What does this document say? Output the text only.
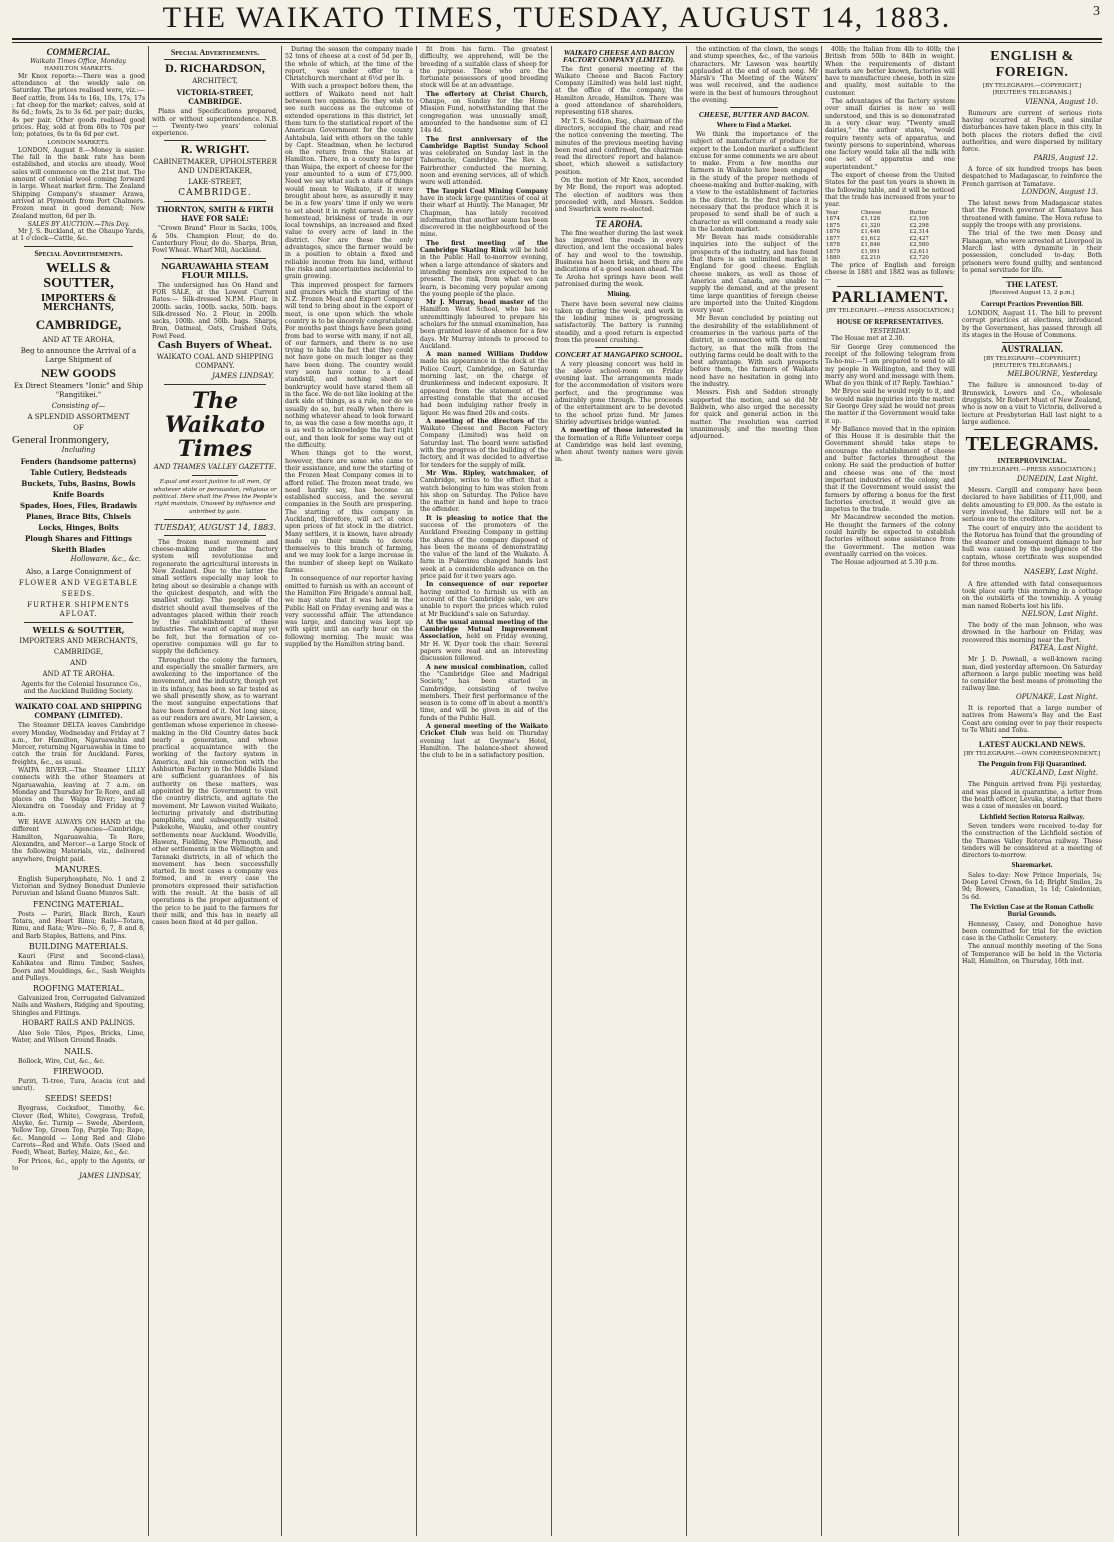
THE WAIKATO TIMES, TUESDAY, AUGUST 14, 1883.	3
COMMERCIAL.
Waikato Times Office, Monday.
HAMILTON MARKETS.

Mr Knox reports:—There was a good attendance at the weekly sale on Saturday. The prices realised were, viz.:—Beef cattle, from 14s to 16s, 10s, 17s, 17s ; fat cheep for the market; calves, sold at 8s 6d.; fowls, 2s to 3s 6d. per pair; ducks, 4s per pair. Other goods realised good prices. Hay, sold at from 60s to 70s per ton; potatoes, 6s to 6s 6d per cwt.

LONDON MARKETS.

LONDON, August 8.—Money is easier. The fall in the bank rate has been established, and stocks are steady. Wool sales will commence on the 21st inst. The amount of colonial wool coming forward is large. Wheat market firm. The Zealand Shipping Company's steamer Arawa, arrived at Plymouth from Port Chalmers. Frozen meat in good demand; New Zealand mutton, 6d per lb.

SALES BY AUCTION.—This Day.

Mr J. S. Buckland, at the Ohaupo Yards, at 1 o'clock—Cattle, &c.

Special Advertisements.
WELLS & SOUTTER,
IMPORTERS & MERCHANTS,
CAMBRIDGE,
AND AT TE AROHA,
Beg to announce the Arrival of a Large Shipment of
NEW GOODS
Ex Direct Steamers "Ionic" and Ship "Rangitikei."
Consisting of—
A SPLENDID ASSORTMENT
OF
General Ironmongery,
Including
Fenders (handsome patterns)
Table Cutlery, Bedsteads
Buckets, Tubs, Basins, Bowls
Knife Boards
Spades, Hoes, Files, Bradawls
Planes, Brace Bits, Chisels
Locks, Hinges, Bolts
Plough Shares and Fittings
Skeith Blades
Holloware, &c., &c.
Also, a Large Consignment of
FLOWER AND VEGETABLE
SEEDS.
FURTHER SHIPMENTS AFLOAT.
WELLS & SOUTTER,
IMPORTERS AND MERCHANTS,
CAMBRIDGE,
AND
AND AT TE AROHA.

Agents for the Colonial Insurance Co., and the Auckland Building Society.

WAIKATO COAL AND SHIPPING COMPANY (LIMITED).

The Steamer DELTA leaves Cambridge every Monday, Wednesday and Friday at 7 a.m., for Hamilton, Ngaruawahia and Mercer, returning Ngaruawahia in time to catch the train for Auckland. Fares, freights, &c., as usual.

WAIPA RIVER.—The Steamer LILLY connects with the other Steamers at Ngaruawahia, leaving at 7 a.m. on Monday and Thursday for Te Rore, and all places on the Waipa River; leaving Alexandra on Tuesday and Friday at 7 a.m.

WE HAVE ALWAYS ON HAND at the different Agencies—Cambridge, Hamilton, Ngaruawahia, Te Rore, Alexandra, and Mercer—a Large Stock of the following Materials, viz., delivered anywhere, freight paid.

MANURES.

English Superphosphate, No. 1 and 2 Victorian and Sydney Bonedust Dunlevie Peruvian and Island Guano Munros Salt.

FENCING MATERIAL.

Posts — Puriri, Black Birch, Kauri Totara, and Heart Rimu; Rails—Totara, Rimu, and Rata; Wire—No. 6, 7, 8 and 8, and Barb Staples, Battens, and Pins.

BUILDING MATERIALS.

Kauri (First and Second-class), Kahikatea and Rimu Timber, Sashes, Doors and Mouldings, &c., Sash Weights and Pulleys.

ROOFING MATERIAL.

Galvanized Iron, Corrugated Galvanized Nails and Washers, Ridging and Spouting, Shingles and Fittings.

HOBART RAILS AND PALINGS.

Also Sole Tiles, Pipes, Bricks, Lime, Water, and Wilson Ground Roads.

NAILS.

Bollock, Wire, Cut, &c., &c.

FIREWOOD.

Puriri, Ti-tree, Tura, Acacia (cut and uncut).

SEEDS! SEEDS!

Ryegrass, Cocksfoot, Timothy, &c. Clover (Red, White), Cowgrass, Trefoil, Alsyke, &c. Turnip — Swede, Aberdeen, Yellow Top, Green Top, Purple Top; Rape, &c. Mangold — Long Red and Globe Carrots—Red and White. Oats (Seed and Feed), Wheat, Barley, Maize, &c., &c.

For Prices, &c., apply to the Agents, or to

JAMES LINDSAY,
Special Advertisements.
D. RICHARDSON,
ARCHITECT,
VICTORIA-STREET, CAMBRIDGE.

Plans and Specifications prepared, with or without superintendence. N.B. — Twenty-two years' colonial experience.

R. WRIGHT.
CABINETMAKER, UPHOLSTERER AND UNDERTAKER,
LAKE-STREET,
CAMBRIDGE.
THORNTON, SMITH & FIRTH HAVE FOR SALE:

"Crown Brand" Flour in Sacks, 100s, & 50s. Champion Flour, do do. Canterbury Flour, do do. Sharps, Bran, Fowl Wheat. Wharf Mill, Auckland.

NGARUAWAHIA STEAM FLOUR MILLS.

The undersigned has On Hand and FOR SALE, at the Lowest Current Rates:— Silk-dressed N.P.M. Flour, in 200lb. sacks, 100lb. sacks, 50lb. bags. Silk-dressed No. 2 Flour, in 200lb. sacks, 100lb. and 50lb. bags. Sharps, Bran, Oatmeal, Oats, Crushed Oats, Fowl Feed.

Cash Buyers of Wheat.
WAIKATO COAL AND SHIPPING COMPANY.
JAMES LINDSAY.
The Waikato Times
AND THAMES VALLEY GAZETTE.

Equal and exact justice to all men, Of whatever state or persuasion, religious or political. Here shall the Press the People's right maintain, Unawed by influence and unbribed by gain.

TUESDAY, AUGUST 14, 1883.

The frozen meat movement and cheese-making under the factory system will revolutionise and regenerate the agricultural interests in New Zealand. Due to the latter the small settlers especially may look to bring about so desirable a change with the quickest despatch, and with the smallest outlay. The people of the district should avail themselves of the advantages placed within their reach by the establishment of these industries. The want of capital may yet be felt, but the formation of co-operative companies will go far to supply the deficiency.

Throughout the colony the farmers, and especially the smaller farmers, are awakening to the importance of the movement, and the industry, though yet in its infancy, has been so far tested as we shall presently show, as to warrant the most sanguine expectations that have been formed of it. Not long since, as our readers are aware, Mr Lawson, a gentleman whose experience in cheese-making in the Old Country dates back nearly a generation, and whose practical acquaintance with the working of the factory system in America, and his connection with the Ashburton Factory in the Middle Island are sufficient guarantees of his authority on these matters, was appointed by the Government to visit the country districts, and agitate the movement. Mr Lawson visited Waikato, lecturing privately and distributing pamphlets, and subsequently visited Pukekohe, Waiuku, and other country settlements near Auckland. Woodville, Hawera, Fielding, New Plymouth, and other settlements in the Wellington and Taranaki districts, in all of which the movement has been successfully started. In most cases a company was formed, and in every case the promoters expressed their satisfaction with the result. At the basis of all operations is the proper adjustment of the price to be paid to the farmers for their milk, and this has in nearly all cases been fixed at 4d per gallon.

During the season the company made 52 tons of cheese at a cost of 5d per lb, the whole of which, at the time of the report, was under offer to a Christchurch merchant at 6½d per lb.

With such a prospect before them, the settlers of Waikato need not halt between two opinions. Do they wish to see such success as the outcome of extended operations in this district, let them turn to the statistical report of the American Government for the county Ashtabula, laid with others on the table by Capt. Steadman, when he lectured on the return from the States at Hamilton. There, in a county no larger than Waipa, the export of cheese for the year amounted to a sum of £75,000. Need we say what such a state of things would mean to Waikato, if it were brought about here, as assuredly it may be in a few years' time if only we were to set about it in right earnest. In every homestead, briskness of trade in our local townships, an increased and fixed value to every acre of land in the district. Nor are these the only advantages, since the farmer would be in a position to obtain a fixed and reliable income from his land, without the risks and uncertainties incidental to grain growing.

This improved prospect for farmers and graziers which the starting of the N.Z. Frozen Meat and Export Company will tend to bring about in the export of meat, is one upon which the whole country is to be sincerely congratulated. For months past things have been going from bad to worse with many, if not all, of our farmers, and there is no use trying to hide the fact that they could not have gone on much longer as they have been doing. The country would very soon have come to a dead standstill, and nothing short of bankruptcy would have stared them all in the face. We do not like looking at the dark side of things, as a rule, nor do we usually do so, but really when there is nothing whatever ahead to look forward to, as was the case a few months ago, it is as well to acknowledge the fact right out, and then look for some way out of the difficulty.

When things got to the worst, however, there are some who came to their assistance, and now the starting of the Frozen Meat Company comes in to afford relief. The frozen meat trade, we need hardly say, has become an established success, and the several companies in the South are prospering. The starting of this company in Auckland, therefore, will act at once upon prices of fat stock in the district. Many settlers, it is known, have already made up their minds to devote themselves to this branch of farming, and we may look for a large increase in the number of sheep kept on Waikato farms.

In consequence of our reporter having omitted to furnish us with an account of the Hamilton Fire Brigade's annual ball, we may state that it was held in the Public Hall on Friday evening and was a very successful affair. The attendance was large, and dancing was kept up with spirit until an early hour on the following morning. The music was supplied by the Hamilton string band.

fit from his farm. The greatest difficulty, we apprehend, will be the breeding of a suitable class of sheep for the purpose. Those who are the fortunate possessors of good breeding stock will be at an advantage.

The offertory at Christ Church, Ohaupo, on Sunday for the Home Mission Fund, notwithstanding that the congregation was unusually small, amounted to the handsome sum of £2 14s 4d.

The first anniversary of the Cambridge Baptist Sunday School was celebrated on Sunday last in the Tabernacle, Cambridge. The Rev. A. Fairbrother conducted the morning, noon and evening services, all of which were well attended.

The Taupiri Coal Mining Company have in stock large quantities of coal at their wharf at Huntly. The Manager, Mr Chapman, has lately received information that another seam has been discovered in the neighbourhood of the mine.

The first meeting of the Cambridge Skating Rink will be held in the Public Hall to-morrow evening, when a large attendance of skaters and intending members are expected to be present. The rink, from what we can learn, is becoming very popular among the young people of the place.

Mr J. Murray, head master of the Hamilton West School, who has so unremittingly laboured to prepare his scholars for the annual examination, has been granted leave of absence for a few days. Mr Murray intends to proceed to Auckland.

A man named William Duddow made his appearance in the dock at the Police Court, Cambridge, on Saturday morning last, on the charge of drunkenness and indecent exposure. It appeared from the statement of the arresting constable that the accused had been indulging rather freely in liquor. He was fined 20s and costs.

A meeting of the directors of the Waikato Cheese and Bacon Factory Company (Limited) was held on Saturday last. The board were satisfied with the progress of the building of the factory, and it was decided to advertise for tenders for the supply of milk.

Mr Wm. Ripley, watchmaker, of Cambridge, writes to the effect that a watch belonging to him was stolen from his shop on Saturday. The Police have the matter in hand and hope to trace the offender.

It is pleasing to notice that the success of the promoters of the Auckland Freezing Company in getting the shares of the company disposed of has been the means of demonstrating the value of the land of the Waikato. A farm in Pukerimu changed hands last week at a considerable advance on the price paid for it two years ago.

In consequence of our reporter having omitted to furnish us with an account of the Cambridge sale, we are unable to report the prices which ruled at Mr Buckland's sale on Saturday.

At the usual annual meeting of the Cambridge Mutual Improvement Association, held on Friday evening, Mr H. W. Dyer took the chair. Several papers were read and an interesting discussion followed.

A new musical combination, called the "Cambridge Glee and Madrigal Society," has been started in Cambridge, consisting of twelve members. Their first performance of the season is to come off in about a month's time, and will be given in aid of the funds of the Public Hall.

A general meeting of the Waikato Cricket Club was held on Thursday evening last at Gwynne's Hotel, Hamilton. The balance-sheet showed the club to be in a satisfactory position.

WAIKATO CHEESE AND BACON FACTORY COMPANY (LIMITED).

The first general meeting of the Waikato Cheese and Bacon Factory Company (Limited) was held last night, at the office of the company, the Hamilton Arcade, Hamilton. There was a good attendance of shareholders, representing 618 shares.

Mr T. S. Seddon, Esq., chairman of the directors, occupied the chair, and read the notice convening the meeting. The minutes of the previous meeting having been read and confirmed, the chairman read the directors' report and balance-sheet, which showed a satisfactory position.

On the motion of Mr Knox, seconded by Mr Bond, the report was adopted. The election of auditors was then proceeded with, and Messrs. Seddon and Swarbrick were re-elected.

TE AROHA.

The fine weather during the last week has improved the roads in every direction, and lent the occasional bales of hay and wool to the township. Business has been brisk, and there are indications of a good season ahead. The Te Aroha hot springs have been well patronised during the week.

Mining.

There have been several new claims taken up during the week, and work in the leading mines is progressing satisfactorily. The battery is running steadily, and a good return is expected from the present crushing.

CONCERT AT MANGAPIKO SCHOOL.

A very pleasing concert was held in the above school-room on Friday evening last. The arrangements made for the accommodation of visitors were perfect, and the programme was admirably gone through. The proceeds of the entertainment are to be devoted to the school prize fund. Mr James Shirley advertises bridge wanted.

A meeting of those interested in the formation of a Rifle Volunteer corps at Cambridge was held last evening, when about twenty names were given in.

the extinction of the clown, the songs and stump speeches, &c., of the various characters. Mr Lawson was heartily applauded at the end of each song. Mr Marsh's 'The Meeting of the Waters' was well received, and the audience were in the best of humours throughout the evening.

CHEESE, BUTTER AND BACON.
Where to Find a Market.

We think the importance of the subject of manufacture of produce for export to the London market a sufficient excuse for some comments we are about to make. From a few months our farmers in Waikato have been engaged in the study of the proper methods of cheese-making and butter-making, with a view to the establishment of factories in the district. In the first place it is necessary that the produce which it is proposed to send shall be of such a character as will command a ready sale in the London market.

Mr Bevan has made considerable inquiries into the subject of the prospects of the industry, and has found that there is an unlimited market in England for good cheese. English cheese makers, as well as those of America and Canada, are unable to supply the demand, and at the present time large quantities of foreign cheese are imported into the United Kingdom every year.

Mr Bevan concluded by pointing out the desirability of the establishment of creameries in the various parts of the district, in connection with the central factory, so that the milk from the outlying farms could be dealt with to the best advantage. With such prospects before them, the farmers of Waikato need have no hesitation in going into the industry.

Messrs. Fish and Seddon strongly supported the motion, and so did Mr Baldwin, who also urged the necessity for quick and general action in the matter. The resolution was carried unanimously, and the meeting then adjourned.

40lb; the Italian from 4lb to 40lb; the British from 50lb to 84lb in weight. When the requirements of distant markets are better known, factories will have to manufacture cheese, both in size and quality, most suitable to the customer.

The advantages of the factory system over small dairies is now so well understood, and this is so demonstrated in a very clear way. "Twenty small dairies," the author states, "would require twenty sets of apparatus, and twenty persons to superintend, whereas one factory would take all the milk with one set of apparatus and one superintendent."

The export of cheese from the United States for the past ten years is shown in the following table, and it will be noticed that the trade has increased from year to year.

Year	Cheese	Butter
1874	£1,128	£2,106
1875	£1,320	£2,298
1876	£1,446	£2,314
1877	£1,612	£2,427
1878	£1,846	£2,580
1879	£1,991	£2,611
1880	£2,210	£2,720

The price of English and foreign cheese in 1881 and 1882 was as follows:—

PARLIAMENT.
[BY TELEGRAPH.—PRESS ASSOCIATION.]
HOUSE OF REPRESENTATIVES.
YESTERDAY.

The House met at 2.30.

Sir George Grey commenced the receipt of the following telegram from Ta-ho-nui:—"I am prepared to send to all my people in Wellington, and they will marry any word and message with them. What do you think of it? Reply. Tawhiao."

Mr Bryce said he would reply to it, and he would make inquiries into the matter. Sir George Grey said he would not press the matter if the Government would take it up.

Mr Ballance moved that in the opinion of this House it is desirable that the Government should take steps to encourage the establishment of cheese and butter factories throughout the colony. He said the production of butter and cheese was one of the most important industries of the colony, and that if the Government would assist the farmers by offering a bonus for the first factories erected, it would give an impetus to the trade.

Mr Macandrew seconded the motion. He thought the farmers of the colony could hardly be expected to establish factories without some assistance from the Government. The motion was eventually carried on the voices.

The House adjourned at 5.30 p.m.

ENGLISH & FOREIGN.
[BY TELEGRAPH.—COPYRIGHT.]
[REUTER'S TELEGRAMS.]
VIENNA, August 10.

Rumours are current of serious riots having occurred at Pesth, and similar disturbances have taken place in this city. In both places the rioters defied the civil authorities, and were dispersed by military force.

PARIS, August 12.

A force of six hundred troops has been despatched to Madagascar, to reinforce the French garrison at Tamatave.

LONDON, August 13.

The latest news from Madagascar states that the French governor at Tamatave has threatened with famine. The Hova refuse to supply the troops with any provisions.

The trial of the two men Deasy and Flanagan, who were arrested at Liverpool in March last with dynamite in their possession, concluded to-day. Both prisoners were found guilty, and sentenced to penal servitude for life.

THE LATEST.
[Received August 13, 2 p.m.]
Corrupt Practices Prevention Bill.

LONDON, August 11. The bill to prevent corrupt practices at elections, introduced by the Government, has passed through all its stages in the House of Commons.

AUSTRALIAN.
[BY TELEGRAPH—COPYRIGHT.]
[REUTER'S TELEGRAMS.]
MELBOURNE, Yesterday.

The failure is announced to-day of Brunswick, Lowers and Co., wholesale druggists. Mr Robert Muat of New Zealand, who is now on a visit to Victoria, delivered a lecture at Presbyterian Hall last night to a large audience.

TELEGRAMS.
INTERPROVINCIAL.
[BY TELEGRAPH.—PRESS ASSOCIATION.]
DUNEDIN, Last Night.

Messrs. Cargill and company have been declared to have liabilities of £11,000, and debts amounting to £9,000. As the estate is very involved, the failure will not be a serious one to the creditors.

The court of enquiry into the accident to the Rotorua has found that the grounding of the steamer and consequent damage to her hull was caused by the negligence of the captain, whose certificate was suspended for three months.

NASEBY, Last Night.

A fire attended with fatal consequences took place early this morning in a cottage on the outskirts of the township. A young man named Roberts lost his life.

NELSON, Last Night.

The body of the man Johnson, who was drowned in the harbour on Friday, was recovered this morning near the Port.

PATEA, Last Night.

Mr J. D. Pownall, a well-known racing man, died yesterday afternoon. On Saturday afternoon a large public meeting was held to consider the best means of promoting the railway line.

OPUNAKE, Last Night.

It is reported that a large number of natives from Hawera's Bay and the East Coast are coming over to pay their respects to Te Whiti and Tohu.

LATEST AUCKLAND NEWS.
[BY TELEGRAPH.—OWN CORRESPONDENT.]
The Penguin from Fiji Quarantined.
AUCKLAND, Last Night.

The Penguin arrived from Fiji yesterday, and was placed in quarantine, a letter from the health officer, Levuka, stating that there was a case of measles on board.

Lichfield Section Rotorua Railway.

Seven tenders were received to-day for the construction of the Lichfield section of the Thames Valley Rotorua railway. These tenders will be considered at a meeting of directors to-morrow.

Sharemarket.

Sales to-day: New Prince Imperials, 5s; Deep Level Crown, 6s 1d; Bright Smiles, 2s 9d; Bowers, Canadian, 1s 1d; Caledonian, 5s 6d.

The Eviction Case at the Roman Catholic Burial Grounds.

Hennessy, Casey, and Donoghue have been committed for trial for the eviction case in the Catholic Cemetery.

The annual monthly meeting of the Sons of Temperance will be held in the Victoria Hall, Hamilton, on Thursday, 16th inst.
